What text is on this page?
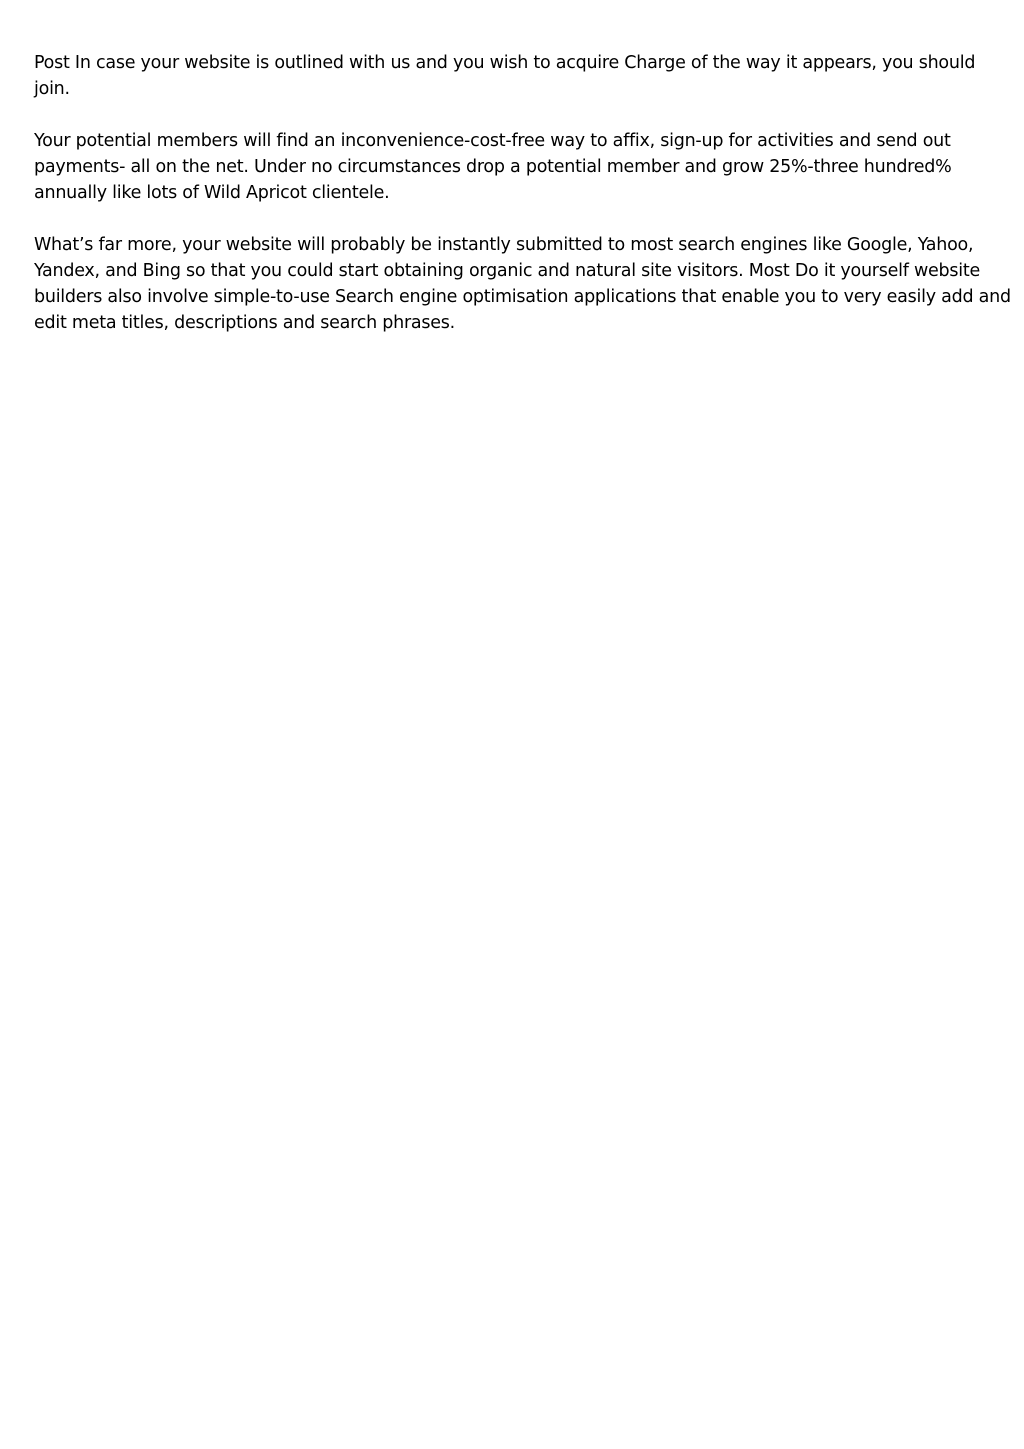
Post In case your website is outlined with us and you wish to acquire Charge of the way it appears, you should
join.

Your potential members will find an inconvenience-cost-free way to affix, sign-up for activities and send out
payments- all on the net. Under no circumstances drop a potential member and grow 25%-three hundred%
annually like lots of Wild Apricot clientele.

What’s far more, your website will probably be instantly submitted to most search engines like Google, Yahoo,
Yandex, and Bing so that you could start obtaining organic and natural site visitors. Most Do it yourself website
builders also involve simple-to-use Search engine optimisation applications that enable you to very easily add and
edit meta titles, descriptions and search phrases.
